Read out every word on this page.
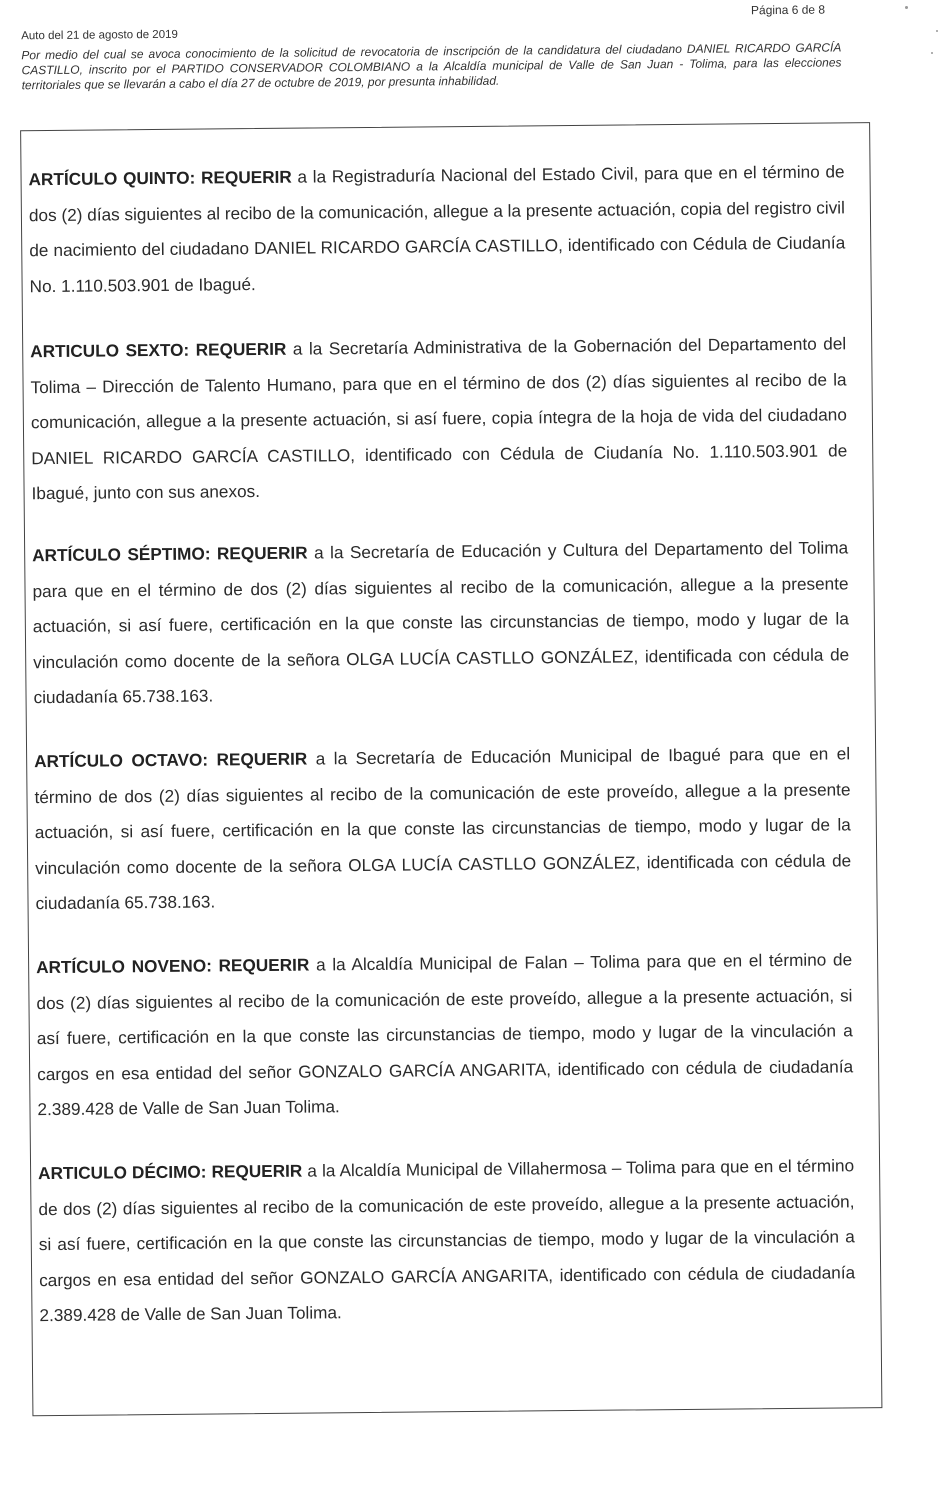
Página 6 de 8
Auto del 21 de agosto de 2019
Por medio del cual se avoca conocimiento de la solicitud de revocatoria de inscripción de la candidatura del ciudadano DANIEL RICARDO GARCÍA CASTILLO, inscrito por el PARTIDO CONSERVADOR COLOMBIANO a la Alcaldía municipal de Valle de San Juan - Tolima, para las elecciones territoriales que se llevarán a cabo el día 27 de octubre de 2019, por presunta inhabilidad.

ARTÍCULO QUINTO: REQUERIR a la Registraduría Nacional del Estado Civil, para que en el término de dos (2) días siguientes al recibo de la comunicación, allegue a la presente actuación, copia del registro civil de nacimiento del ciudadano DANIEL RICARDO GARCÍA CASTILLO, identificado con Cédula de Ciudanía No. 1.110.503.901 de Ibagué.

ARTICULO SEXTO: REQUERIR a la Secretaría Administrativa de la Gobernación del Departamento del Tolima – Dirección de Talento Humano, para que en el término de dos (2) días siguientes al recibo de la comunicación, allegue a la presente actuación, si así fuere, copia íntegra de la hoja de vida del ciudadano DANIEL RICARDO GARCÍA CASTILLO, identificado con Cédula de Ciudanía No. 1.110.503.901 de Ibagué, junto con sus anexos.

ARTÍCULO SÉPTIMO: REQUERIR a la Secretaría de Educación y Cultura del Departamento del Tolima para que en el término de dos (2) días siguientes al recibo de la comunicación, allegue a la presente actuación, si así fuere, certificación en la que conste las circunstancias de tiempo, modo y lugar de la vinculación como docente de la señora OLGA LUCÍA CASTLLO GONZÁLEZ, identificada con cédula de ciudadanía 65.738.163.

ARTÍCULO OCTAVO: REQUERIR a la Secretaría de Educación Municipal de Ibagué para que en el término de dos (2) días siguientes al recibo de la comunicación de este proveído, allegue a la presente actuación, si así fuere, certificación en la que conste las circunstancias de tiempo, modo y lugar de la vinculación como docente de la señora OLGA LUCÍA CASTLLO GONZÁLEZ, identificada con cédula de ciudadanía 65.738.163.

ARTÍCULO NOVENO: REQUERIR a la Alcaldía Municipal de Falan – Tolima para que en el término de dos (2) días siguientes al recibo de la comunicación de este proveído, allegue a la presente actuación, si así fuere, certificación en la que conste las circunstancias de tiempo, modo y lugar de la vinculación a cargos en esa entidad del señor GONZALO GARCÍA ANGARITA, identificado con cédula de ciudadanía 2.389.428 de Valle de San Juan Tolima.

ARTICULO DÉCIMO: REQUERIR a la Alcaldía Municipal de Villahermosa – Tolima para que en el término de dos (2) días siguientes al recibo de la comunicación de este proveído, allegue a la presente actuación, si así fuere, certificación en la que conste las circunstancias de tiempo, modo y lugar de la vinculación a cargos en esa entidad del señor GONZALO GARCÍA ANGARITA, identificado con cédula de ciudadanía 2.389.428 de Valle de San Juan Tolima.
